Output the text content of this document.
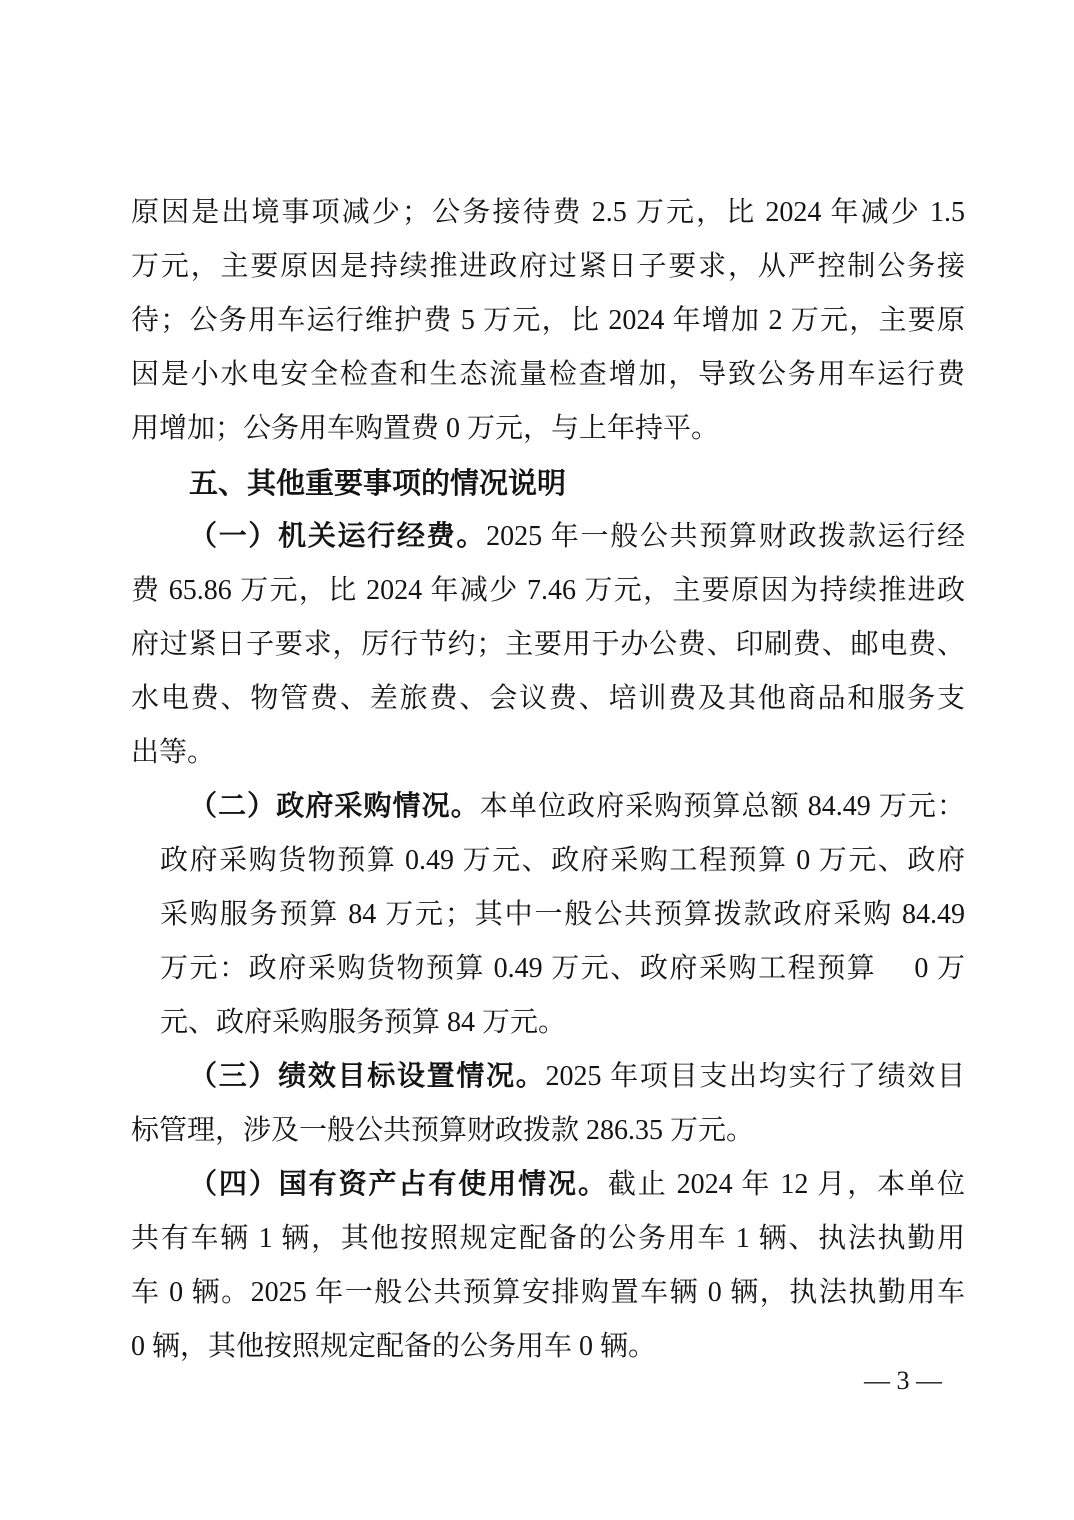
原因是出境事项减少；公务接待费 2.5 万元，比 2024 年减少 1.5
万元，主要原因是持续推进政府过紧日子要求，从严控制公务接
待；公务用车运行维护费 5 万元，比 2024 年增加 2 万元，主要原
因是小水电安全检查和生态流量检查增加，导致公务用车运行费
用增加；公务用车购置费 0 万元，与上年持平。
五、其他重要事项的情况说明
（一）机关运行经费。2025 年一般公共预算财政拨款运行经
费 65.86 万元，比 2024 年减少 7.46 万元，主要原因为持续推进政
府过紧日子要求，厉行节约；主要用于办公费、印刷费、邮电费、
水电费、物管费、差旅费、会议费、培训费及其他商品和服务支
出等。
（二）政府采购情况。本单位政府采购预算总额 84.49 万元：
政府采购货物预算 0.49 万元、政府采购工程预算 0 万元、政府
采购服务预算 84 万元；其中一般公共预算拨款政府采购 84.49
万元：政府采购货物预算 0.49 万元、政府采购工程预算　 0 万
元、政府采购服务预算 84 万元。
（三）绩效目标设置情况。2025 年项目支出均实行了绩效目
标管理，涉及一般公共预算财政拨款 286.35 万元。
（四）国有资产占有使用情况。截止 2024 年 12 月，本单位
共有车辆 1 辆，其他按照规定配备的公务用车 1 辆、执法执勤用
车 0 辆。2025 年一般公共预算安排购置车辆 0 辆，执法执勤用车
0 辆，其他按照规定配备的公务用车 0 辆。
— 3 —
